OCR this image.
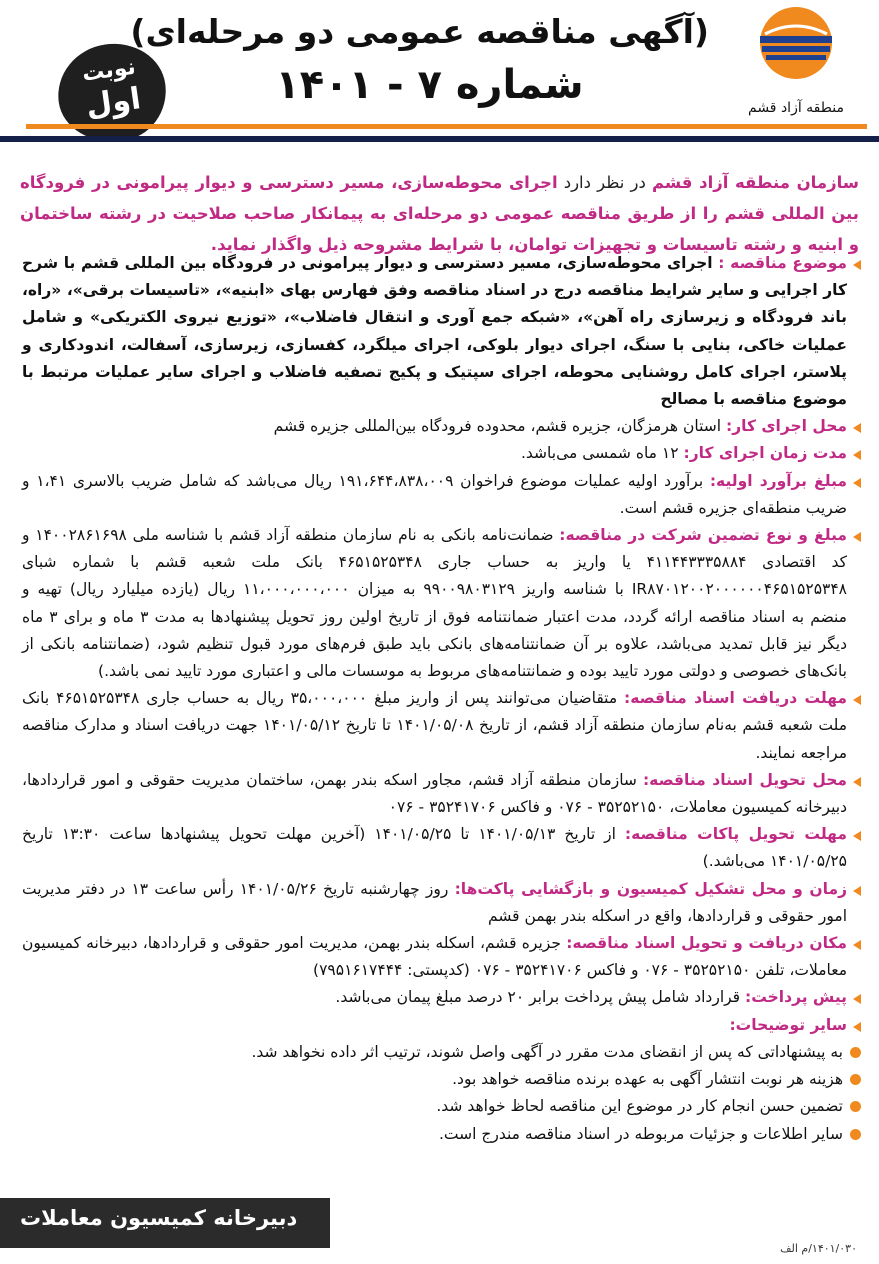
منطقه آزاد قشم
(آگهی مناقصه عمومی دو مرحله‌ای)
شماره ۷ - ۱۴۰۱
نوبت
اول

سازمان منطقه آزاد قشم در نظر دارد اجرای محوطه‌سازی، مسیر دسترسی و دیوار پیرامونی در فرودگاه بین المللی قشم را از طریق مناقصه عمومی دو مرحله‌ای به پیمانکار صاحب صلاحیت در رشته ساختمان و ابنیه و رشته تاسیسات و تجهیزات توامان، با شرایط مشروحه ذیل واگذار نماید.

موضوع مناقصه : اجرای محوطه‌سازی، مسیر دسترسی و دیوار پیرامونی در فرودگاه بین المللی قشم با شرح کار اجرایی و سایر شرایط مناقصه درج در اسناد مناقصه وفق فهارس بهای «ابنیه»، «تاسیسات برقی»، «راه، باند فرودگاه و زیرسازی راه آهن»، «شبکه جمع آوری و انتقال فاضلاب»، «توزیع نیروی الکتریکی» و شامل عملیات خاکی، بنایی با سنگ، اجرای دیوار بلوکی، اجرای میلگرد، کفسازی، زیرسازی، آسفالت، اندودکاری و پلاستر، اجرای کامل روشنایی محوطه، اجرای سپتیک و پکیج تصفیه فاضلاب و اجرای سایر عملیات مرتبط با موضوع مناقصه با مصالح

محل اجرای کار: استان هرمزگان، جزیره قشم، محدوده فرودگاه بین‌المللی جزیره قشم

مدت زمان اجرای کار: ۱۲ ماه شمسی می‌باشد.

مبلغ برآورد اولیه: برآورد اولیه عملیات موضوع فراخوان ۱۹۱،۶۴۴،۸۳۸،۰۰۹ ریال می‌باشد که شامل ضریب بالاسری ۱،۴۱ و ضریب منطقه‌ای جزیره قشم است.

مبلغ و نوع تضمین شرکت در مناقصه: ضمانت‌نامه بانکی به نام سازمان منطقه آزاد قشم با شناسه ملی ۱۴۰۰۲۸۶۱۶۹۸ و کد اقتصادی ۴۱۱۴۴۳۳۳۵۸۸۴ یا واریز به حساب جاری ۴۶۵۱۵۲۵۳۴۸ بانک ملت شعبه قشم با شماره شبای IR۸۷۰۱۲۰۰۲۰۰۰۰۰۰۴۶۵۱۵۲۵۳۴۸ با شناسه واریز ۹۹۰۰۹۸۰۳۱۲۹ به میزان ۱۱،۰۰۰،۰۰۰،۰۰۰ ریال (یازده میلیارد ریال) تهیه و منضم به اسناد مناقصه ارائه گردد، مدت اعتبار ضمانتنامه فوق از تاریخ اولین روز تحویل پیشنهادها به مدت ۳ ماه و برای ۳ ماه دیگر نیز قابل تمدید می‌باشد، علاوه بر آن ضمانتنامه‌های بانکی باید طبق فرم‌های مورد قبول تنظیم شود، (ضمانتنامه بانکی از بانک‌های خصوصی و دولتی مورد تایید بوده و ضمانتنامه‌های مربوط به موسسات مالی و اعتباری مورد تایید نمی باشد.)

مهلت دریافت اسناد مناقصه: متقاضیان می‌توانند پس از واریز مبلغ ۳۵،۰۰۰،۰۰۰ ریال به حساب جاری ۴۶۵۱۵۲۵۳۴۸ بانک ملت شعبه قشم به‌نام سازمان منطقه آزاد قشم، از تاریخ ۱۴۰۱/۰۵/۰۸ تا تاریخ ۱۴۰۱/۰۵/۱۲ جهت دریافت اسناد و مدارک مناقصه مراجعه نمایند.

محل تحویل اسناد مناقصه: سازمان منطقه آزاد قشم، مجاور اسکه بندر بهمن، ساختمان مدیریت حقوقی و امور قراردادها، دبیرخانه کمیسیون معاملات، ۳۵۲۵۲۱۵۰ - ۰۷۶ و فاکس ۳۵۲۴۱۷۰۶ - ۰۷۶

مهلت تحویل پاکات مناقصه: از تاریخ ۱۴۰۱/۰۵/۱۳ تا ۱۴۰۱/۰۵/۲۵ (آخرین مهلت تحویل پیشنهادها ساعت ۱۳:۳۰ تاریخ ۱۴۰۱/۰۵/۲۵ می‌باشد.)

زمان و محل تشکیل کمیسیون و بازگشایی پاکت‌ها: روز چهارشنبه تاریخ ۱۴۰۱/۰۵/۲۶ رأس ساعت ۱۳ در دفتر مدیریت امور حقوقی و قراردادها، واقع در اسکله بندر بهمن قشم

مکان دریافت و تحویل اسناد مناقصه: جزیره قشم، اسکله بندر بهمن، مدیریت امور حقوقی و قراردادها، دبیرخانه کمیسیون معاملات، تلفن ۳۵۲۵۲۱۵۰ - ۰۷۶ و فاکس ۳۵۲۴۱۷۰۶ - ۰۷۶ (کدپستی: ۷۹۵۱۶۱۷۴۴۴)

پیش پرداخت: قرارداد شامل پیش پرداخت برابر ۲۰ درصد مبلغ پیمان می‌باشد.

سایر توضیحات:

به پیشنهاداتی که پس از انقضای مدت مقرر در آگهی واصل شوند، ترتیب اثر داده نخواهد شد.

هزینه هر نوبت انتشار آگهی به عهده برنده مناقصه خواهد بود.

تضمین حسن انجام کار در موضوع این مناقصه لحاظ خواهد شد.

سایر اطلاعات و جزئیات مربوطه در اسناد مناقصه مندرج است.

دبیرخانه کمیسیون معاملات
۱۴۰۱/۰۳۰/م الف
